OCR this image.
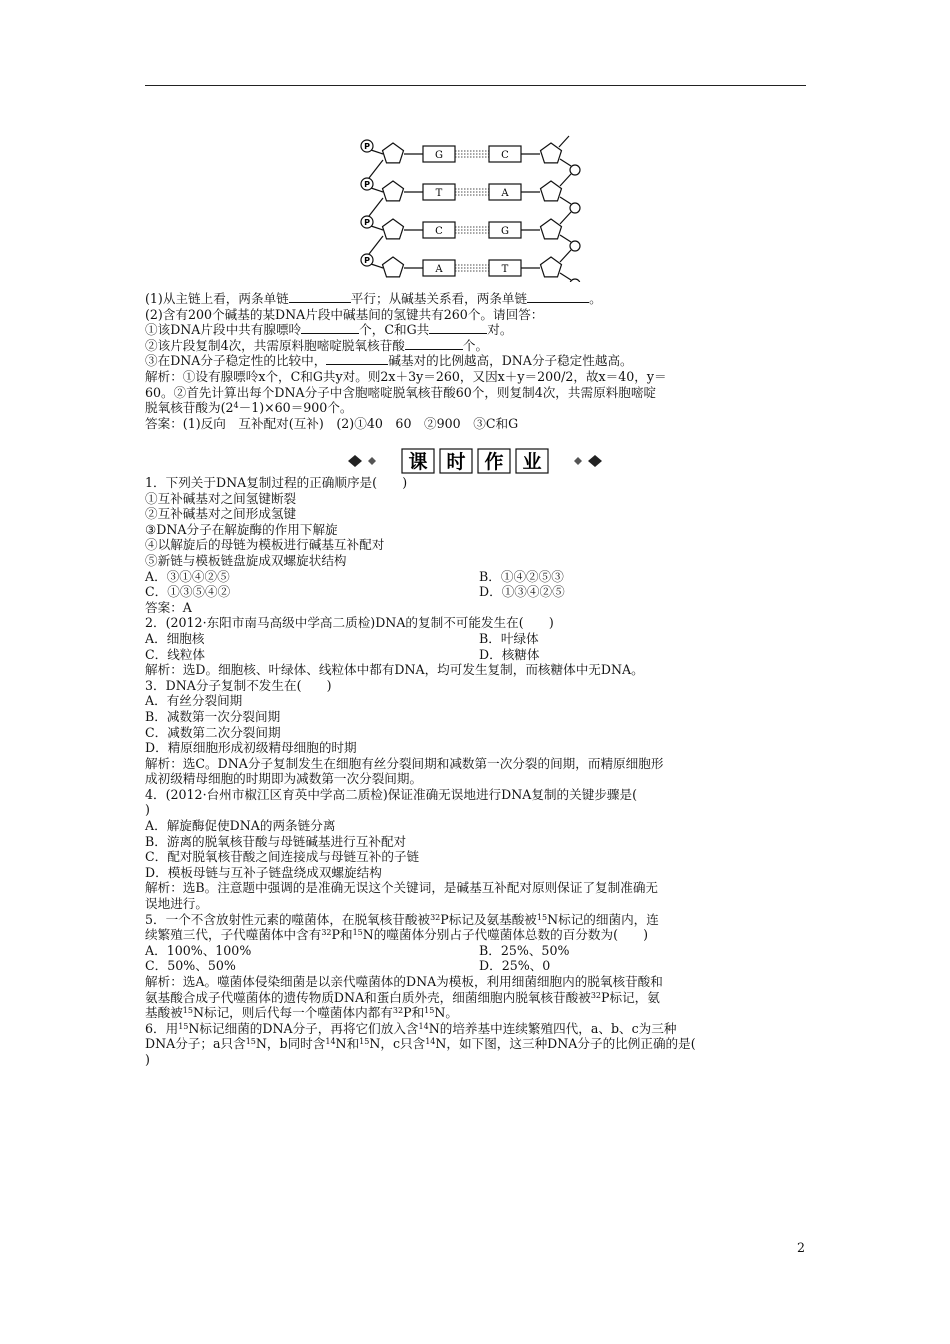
P
G	C
P
T	A
P
C	G
P
A	T
(1)从主链上看，两条单链	平行；从碱基关系看，两条单链	。
(2)含有200个碱基的某DNA片段中碱基间的氢键共有260个。请回答：
①该DNA片段中共有腺嘌呤	个，C和G共	对。
②该片段复制4次，共需原料胞嘧啶脱氧核苷酸	个。
③在DNA分子稳定性的比较中，	碱基对的比例越高，DNA分子稳定性越高。
解析：①设有腺嘌呤x个，C和G共y对。则2x＋3y＝260，又因x＋y＝200/2，故x＝40，y＝
60。②首先计算出每个DNA分子中含胞嘧啶脱氧核苷酸60个，则复制4次，共需原料胞嘧啶
脱氧核苷酸为$(2^4-1)\times 60=900$个。
答案：(1)反向　互补配对(互补)　(2)①40　60　②900　③C和G
课 时 作 业
1．下列关于DNA复制过程的正确顺序是(　　)
①互补碱基对之间氢键断裂
②互补碱基对之间形成氢键
③DNA分子在解旋酶的作用下解旋
④以解旋后的母链为模板进行碱基互补配对
⑤新链与模板链盘旋成双螺旋状结构
A．③①④②⑤	B．①④②⑤③
C．①③⑤④②	D．①③④②⑤
答案：A
2．(2012·东阳市南马高级中学高二质检)DNA的复制不可能发生在(　　)
A．细胞核	B．叶绿体
C．线粒体	D．核糖体
解析：选D。细胞核、叶绿体、线粒体中都有DNA，均可发生复制，而核糖体中无DNA。
3．DNA分子复制不发生在(　　)
A．有丝分裂间期
B．减数第一次分裂间期
C．减数第二次分裂间期
D．精原细胞形成初级精母细胞的时期
解析：选C。DNA分子复制发生在细胞有丝分裂间期和减数第一次分裂的间期，而精原细胞形
成初级精母细胞的时期即为减数第一次分裂间期。
4．(2012·台州市椒江区育英中学高二质检)保证准确无误地进行DNA复制的关键步骤是(
)
A．解旋酶促使DNA的两条链分离
B．游离的脱氧核苷酸与母链碱基进行互补配对
C．配对脱氧核苷酸之间连接成与母链互补的子链
D．模板母链与互补子链盘绕成双螺旋结构
解析：选B。注意题中强调的是准确无误这个关键词，是碱基互补配对原则保证了复制准确无
误地进行。
5．一个不含放射性元素的噬菌体，在脱氧核苷酸被$^{32}$P标记及氨基酸被$^{15}$N标记的细菌内，连
续繁殖三代，子代噬菌体中含有$^{32}$P和$^{15}$N的噬菌体分别占子代噬菌体总数的百分数为(　　)
A．100%、100%	B．25%、50%
C．50%、50%	D．25%、0
解析：选A。噬菌体侵染细菌是以亲代噬菌体的DNA为模板，利用细菌细胞内的脱氧核苷酸和
氨基酸合成子代噬菌体的遗传物质DNA和蛋白质外壳，细菌细胞内脱氧核苷酸被$^{32}$P标记，氨
基酸被$^{15}$N标记，则后代每一个噬菌体内都有$^{32}$P和$^{15}$N。
6．用$^{15}$N标记细菌的DNA分子，再将它们放入含$^{14}$N的培养基中连续繁殖四代，a、b、c为三种
DNA分子；a只含$^{15}$N，b同时含$^{14}$N和$^{15}$N，c只含$^{14}$N，如下图，这三种DNA分子的比例正确的是(
)
2
